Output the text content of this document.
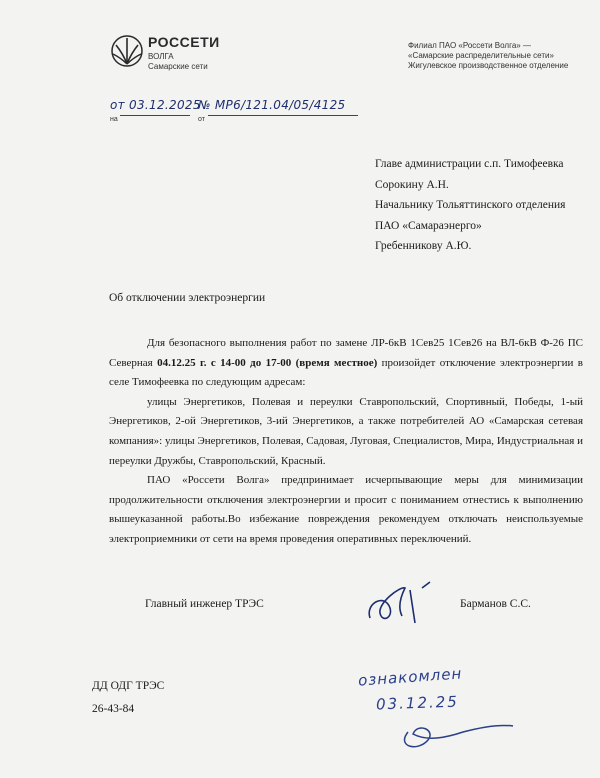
РОССЕТИ
ВОЛГА
Самарские сети
Филиал ПАО «Россети Волга» —
«Самарские распределительные сети»
Жигулевское производственное отделение
от 03.12.2025
№ МР6/121.04/05/4125
на	от
Главе администрации с.п. Тимофеевка
Сорокину А.Н.
Начальнику Тольяттинского отделения
ПАО «Самараэнерго»
Гребенникову А.Ю.
Об отключении электроэнергии

Для безопасного выполнения работ по замене ЛР-6кВ 1Сев25 1Сев26 на ВЛ-6кВ Ф-26 ПС Северная 04.12.25 г. с 14-00 до 17-00 (время местное) произойдет отключение электроэнергии в селе Тимофеевка по следующим адресам:

улицы Энергетиков, Полевая и переулки Ставропольский, Спортивный, Победы, 1-ый Энергетиков, 2-ой Энергетиков, 3-ий Энергетиков, а также потребителей АО «Самарская сетевая компания»: улицы Энергетиков, Полевая, Садовая, Луговая, Специалистов, Мира, Индустриальная и переулки Дружбы, Ставропольский, Красный.

ПАО «Россети Волга» предпринимает исчерпывающие меры для минимизации продолжительности отключения электроэнергии и просит с пониманием отнестись к выполнению вышеуказанной работы.Во избежание повреждения рекомендуем отключать неиспользуемые электроприемники от сети на время проведения оперативных переключений.

Главный инженер ТРЭС	Барманов С.С.
ДД ОДГ ТРЭС
26-43-84
ознакомлен
03.12.25
